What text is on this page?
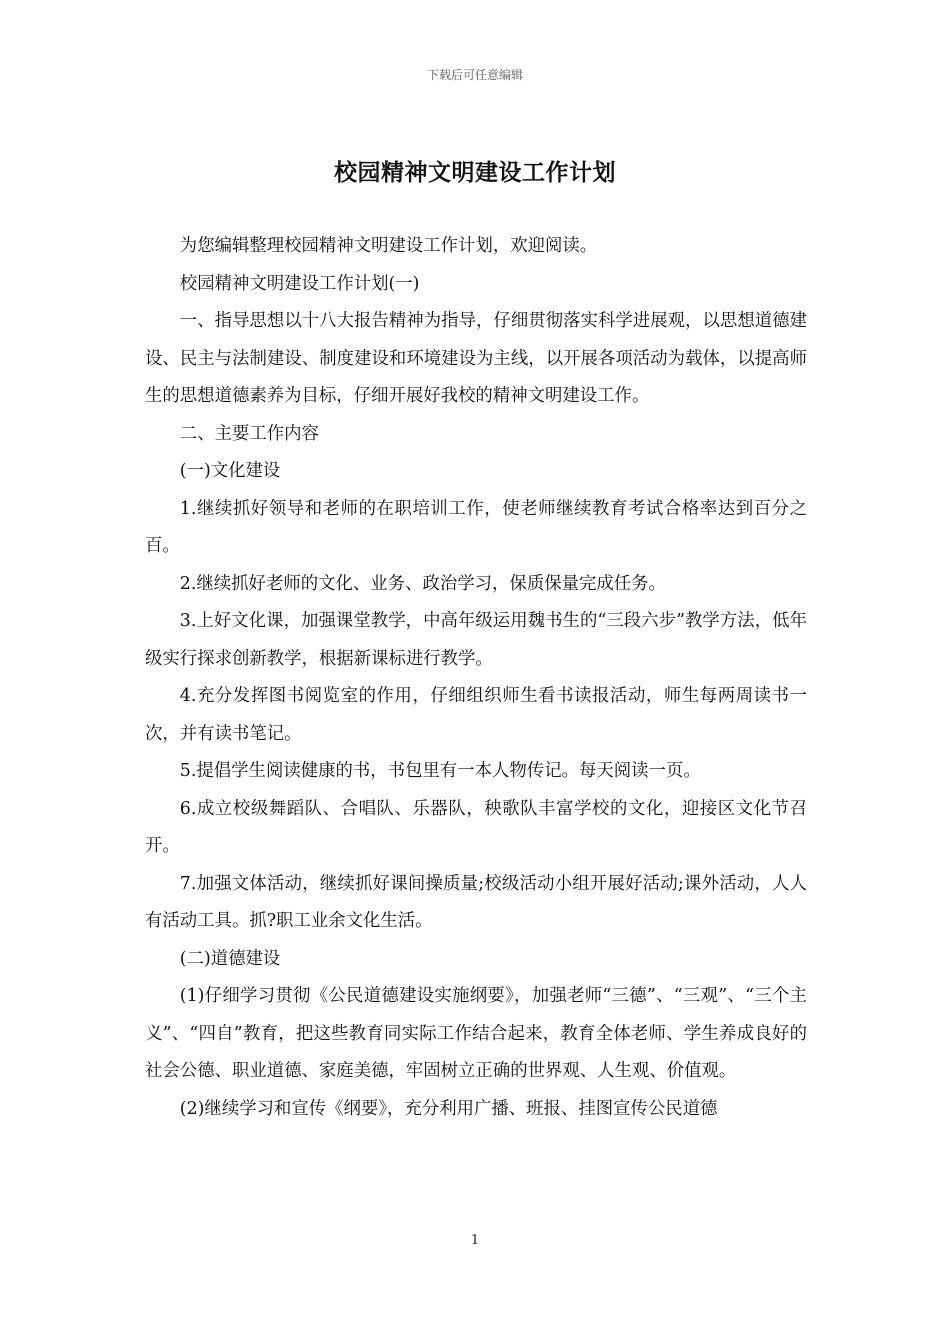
下载后可任意编辑
校园精神文明建设工作计划

为您编辑整理校园精神文明建设工作计划，欢迎阅读。

校园精神文明建设工作计划(一)

一、指导思想以十八大报告精神为指导，仔细贯彻落实科学进展观，以思想道德建设、民主与法制建设、制度建设和环境建设为主线，以开展各项活动为载体，以提高师生的思想道德素养为目标，仔细开展好我校的精神文明建设工作。

二、主要工作内容

(一)文化建设

1.继续抓好领导和老师的在职培训工作，使老师继续教育考试合格率达到百分之百。

2.继续抓好老师的文化、业务、政治学习，保质保量完成任务。

3.上好文化课，加强课堂教学，中高年级运用魏书生的“三段六步”教学方法，低年级实行探求创新教学，根据新课标进行教学。

4.充分发挥图书阅览室的作用，仔细组织师生看书读报活动，师生每两周读书一次，并有读书笔记。

5.提倡学生阅读健康的书，书包里有一本人物传记。每天阅读一页。

6.成立校级舞蹈队、合唱队、乐器队，秧歌队丰富学校的文化，迎接区文化节召开。

7.加强文体活动，继续抓好课间操质量;校级活动小组开展好活动;课外活动，人人有活动工具。抓?职工业余文化生活。

(二)道德建设

(1)仔细学习贯彻《公民道德建设实施纲要》，加强老师“三德”、“三观”、“三个主义”、“四自”教育，把这些教育同实际工作结合起来，教育全体老师、学生养成良好的社会公德、职业道德、家庭美德，牢固树立正确的世界观、人生观、价值观。

(2)继续学习和宣传《纲要》，充分利用广播、班报、挂图宣传公民道德

1
